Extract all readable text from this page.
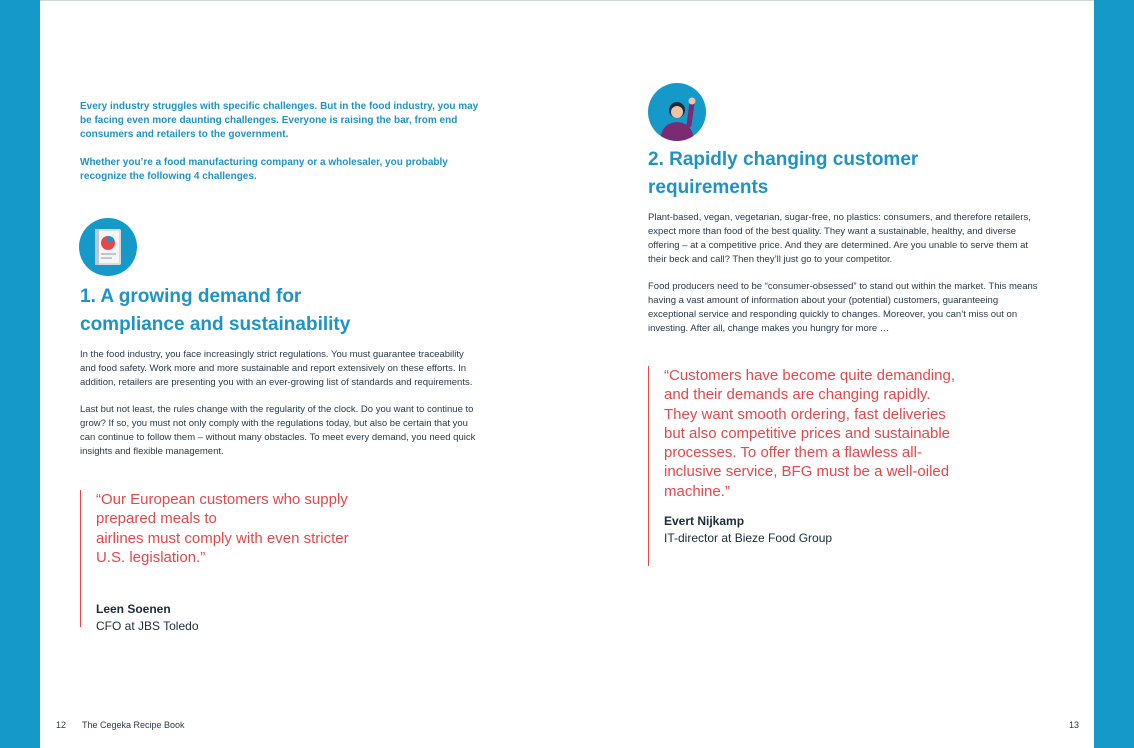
Every industry struggles with specific challenges. But in the food industry, you may be facing even more daunting challenges. Everyone is raising the bar, from end consumers and retailers to the government.

Whether you’re a food manufacturing company or a wholesaler, you probably recognize the following 4 challenges.

1. A growing demand for compliance and sustainability

In the food industry, you face increasingly strict regulations. You must guarantee traceability and food safety. Work more and more sustainable and report extensively on these efforts. In addition, retailers are presenting you with an ever-growing list of standards and requirements.

Last but not least, the rules change with the regularity of the clock. Do you want to continue to grow? If so, you must not only comply with the regulations today, but also be certain that you can continue to follow them – without many obstacles. To meet every demand, you need quick insights and flexible management.

“Our European customers who supply
prepared meals to
airlines must comply with even stricter
U.S. legislation.”

Leen Soenen
CFO at JBS Toledo
12 The Cegeka Recipe Book
2. Rapidly changing customer requirements

Plant-based, vegan, vegetarian, sugar-free, no plastics: consumers, and therefore retailers, expect more than food of the best quality. They want a sustainable, healthy, and diverse offering – at a competitive price. And they are determined. Are you unable to serve them at their beck and call? Then they’ll just go to your competitor.

Food producers need to be “consumer-obsessed” to stand out within the market. This means having a vast amount of information about your (potential) customers, guaranteeing exceptional service and responding quickly to changes. Moreover, you can’t miss out on investing. After all, change makes you hungry for more …

“Customers have become quite demanding, and their demands are changing rapidly. They want smooth ordering, fast deliveries but also competitive prices and sustainable processes. To offer them a flawless all-inclusive service, BFG must be a well-oiled machine.”

Evert Nijkamp
IT-director at Bieze Food Group
13
